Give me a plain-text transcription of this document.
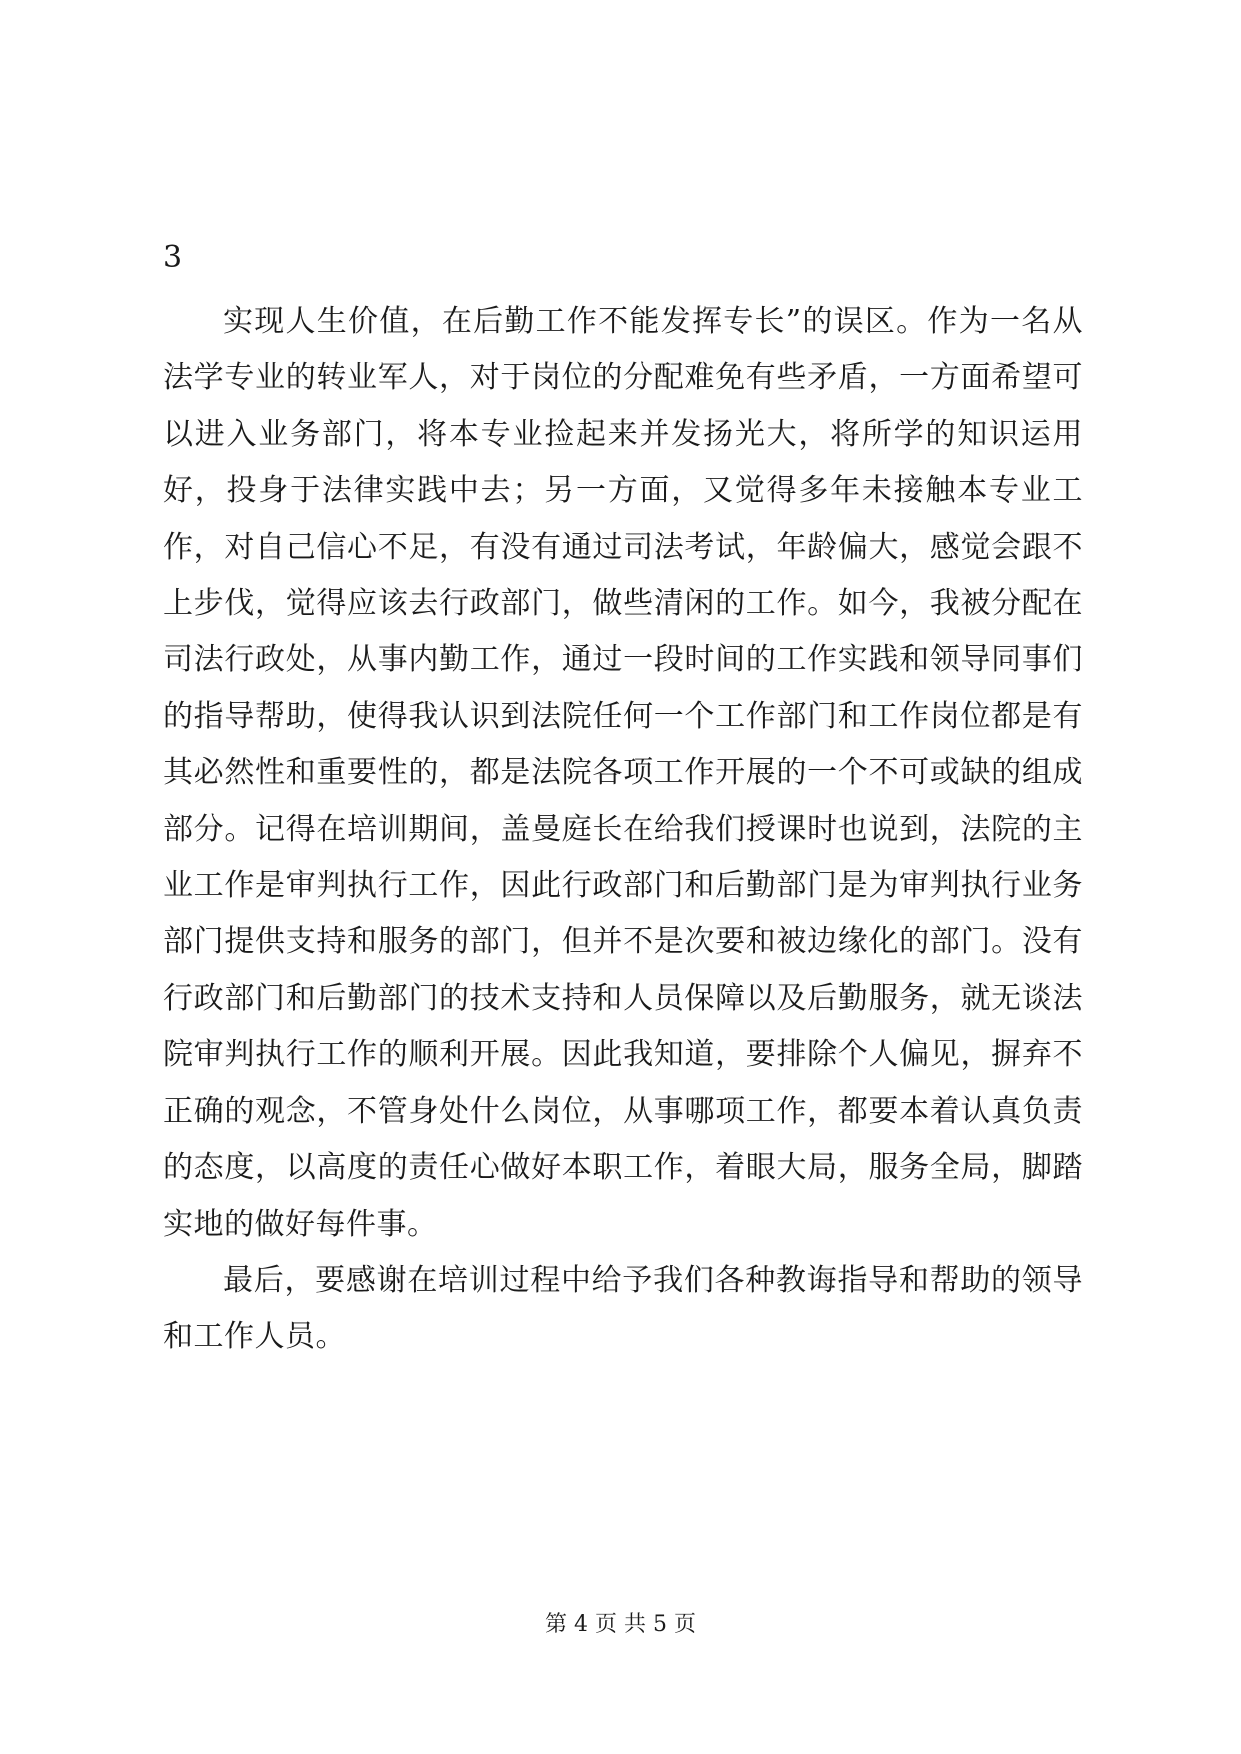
3

实现人生价值，在后勤工作不能发挥专长”的误区。作为一名从法学专业的转业军人，对于岗位的分配难免有些矛盾，一方面希望可以进入业务部门，将本专业捡起来并发扬光大，将所学的知识运用好，投身于法律实践中去；另一方面，又觉得多年未接触本专业工作，对自己信心不足，有没有通过司法考试，年龄偏大，感觉会跟不上步伐，觉得应该去行政部门，做些清闲的工作。如今，我被分配在司法行政处，从事内勤工作，通过一段时间的工作实践和领导同事们的指导帮助，使得我认识到法院任何一个工作部门和工作岗位都是有其必然性和重要性的，都是法院各项工作开展的一个不可或缺的组成部分。记得在培训期间，盖曼庭长在给我们授课时也说到，法院的主业工作是审判执行工作，因此行政部门和后勤部门是为审判执行业务部门提供支持和服务的部门，但并不是次要和被边缘化的部门。没有行政部门和后勤部门的技术支持和人员保障以及后勤服务，就无谈法院审判执行工作的顺利开展。因此我知道，要排除个人偏见，摒弃不正确的观念，不管身处什么岗位，从事哪项工作，都要本着认真负责的态度，以高度的责任心做好本职工作，着眼大局，服务全局，脚踏实地的做好每件事。

最后，要感谢在培训过程中给予我们各种教诲指导和帮助的领导和工作人员。

第 4 页 共 5 页
